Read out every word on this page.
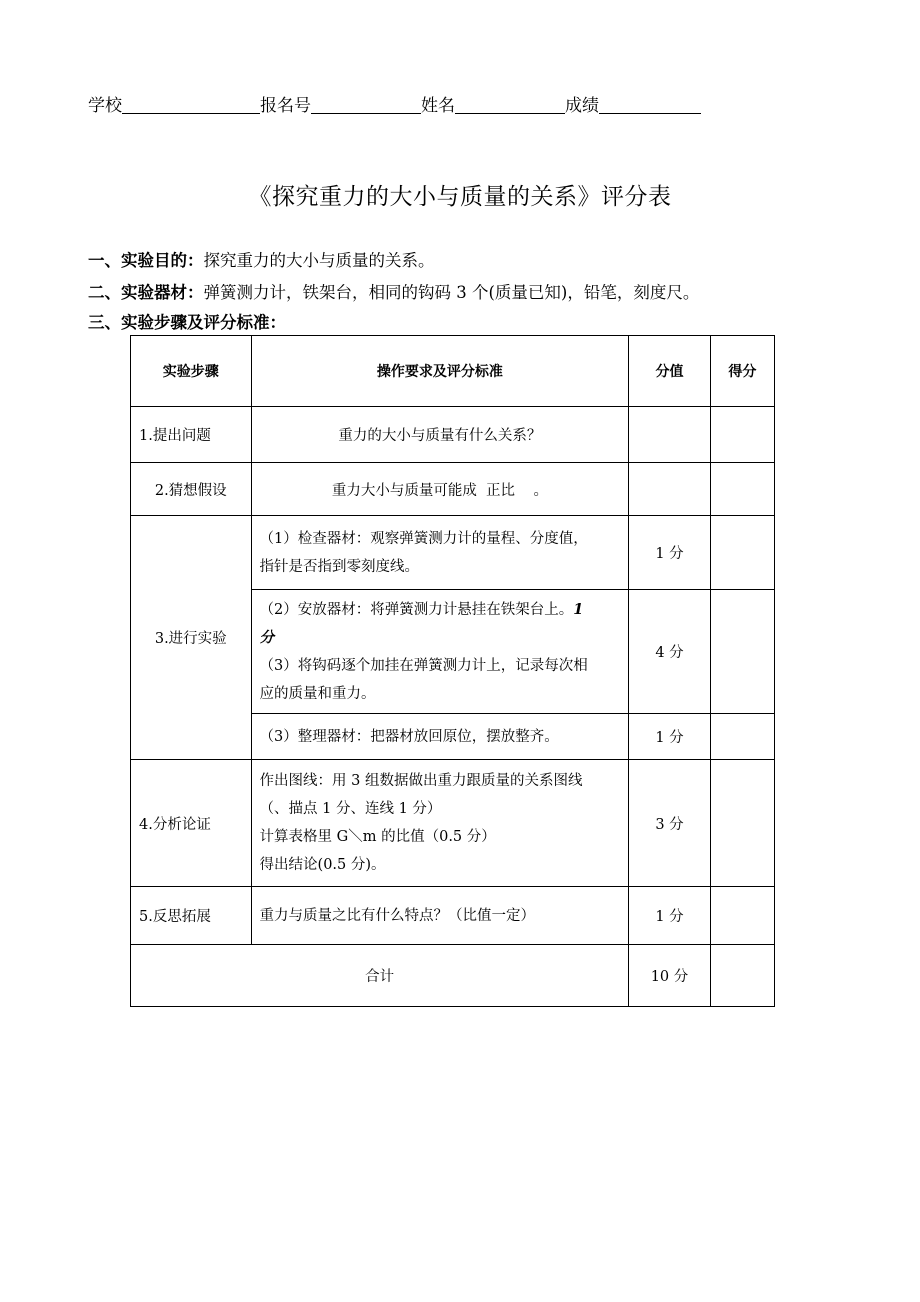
学校	报名号	姓名	成绩
《探究重力的大小与质量的关系》评分表
一、实验目的：探究重力的大小与质量的关系。
二、实验器材：弹簧测力计，铁架台，相同的钩码 3 个(质量已知)，铅笔，刻度尺。
三、实验步骤及评分标准：
实验步骤	操作要求及评分标准	分值	得分
1.提出问题	重力的大小与质量有什么关系？		
2.猜想假设	重力大小与质量可能成  正比    。		
3.进行实验	（1）检查器材：观察弹簧测力计的量程、分度值，
指针是否指到零刻度线。	1 分	

	（2）安放器材：将弹簧测力计悬挂在铁架台上。1
分
（3）将钩码逐个加挂在弹簧测力计上，记录每次相
应的质量和重力。	4 分	
	（3）整理器材：把器材放回原位，摆放整齐。	1 分	
4.分析论证	作出图线：用 3 组数据做出重力跟质量的关系图线
（、描点 1 分、连线 1 分）
计算表格里 G＼m 的比值（0.5 分）
得出结论(0.5 分)。	3 分	
5.反思拓展	重力与质量之比有什么特点？（比值一定）	1 分	
合计		10 分	
